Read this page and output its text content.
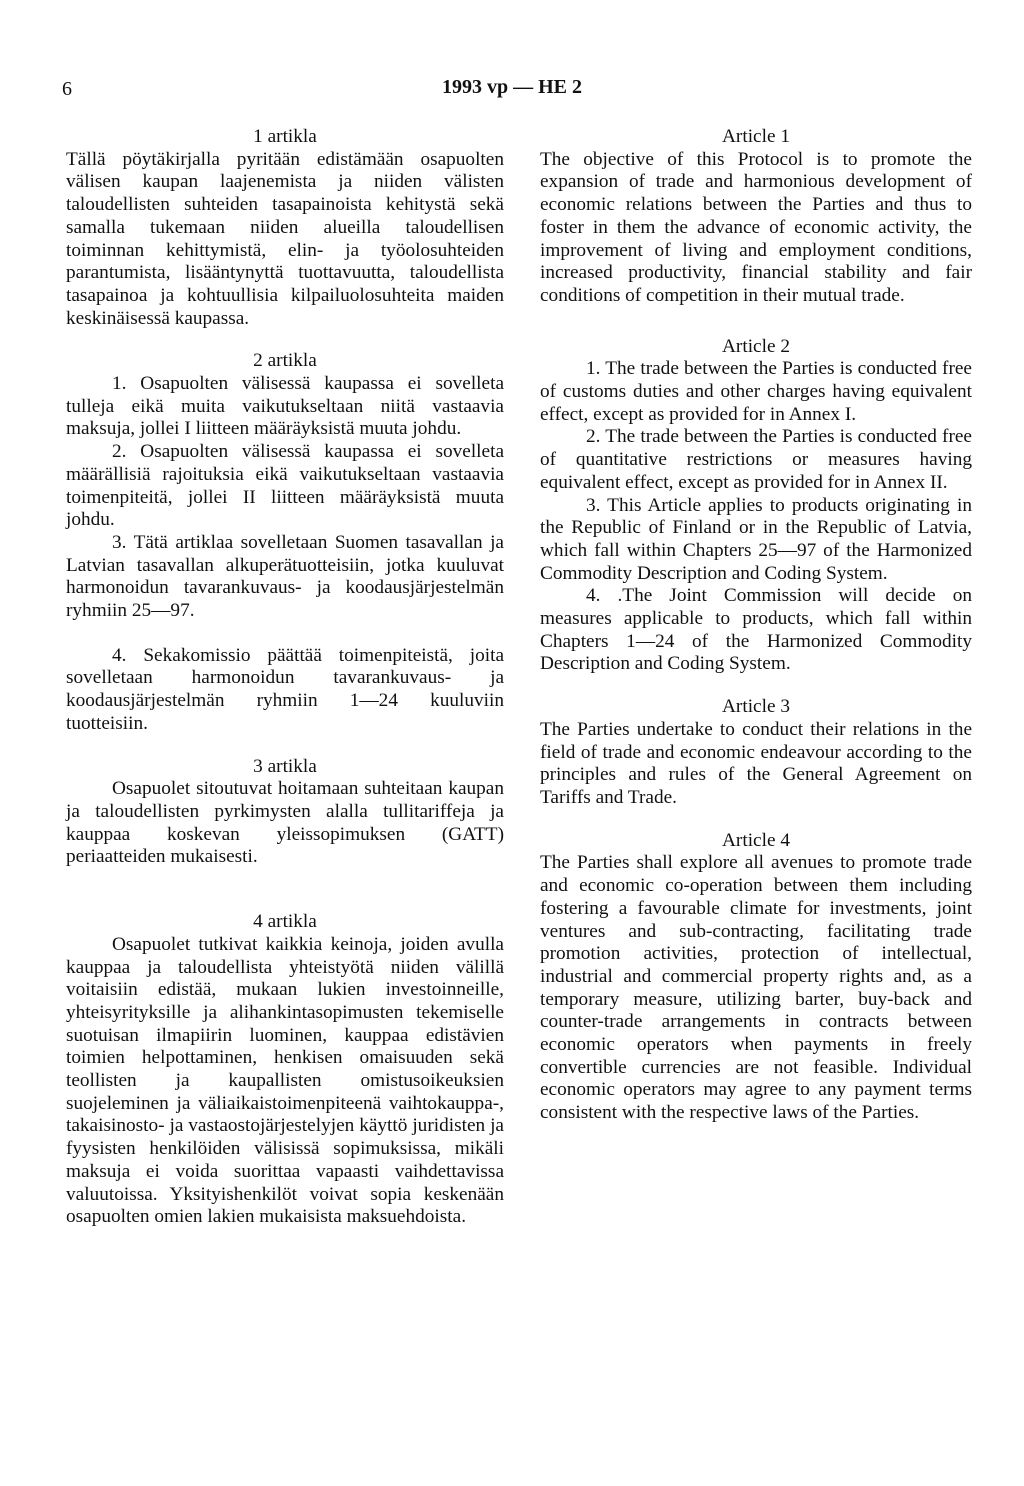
6	1993 vp — HE 2

1 artikla

Tällä pöytäkirjalla pyritään edistämään osapuolten välisen kaupan laajenemista ja niiden välisten taloudellisten suhteiden tasapainoista kehitystä sekä samalla tukemaan niiden alueilla taloudellisen toiminnan kehittymistä, elin- ja työolosuhteiden parantumista, lisääntynyttä tuottavuutta, taloudellista tasapainoa ja kohtuullisia kilpailuolosuhteita maiden keskinäisessä kaupassa.

2 artikla

1. Osapuolten välisessä kaupassa ei sovelleta tulleja eikä muita vaikutukseltaan niitä vastaavia maksuja, jollei I liitteen määräyksistä muuta johdu.

2. Osapuolten välisessä kaupassa ei sovelleta määrällisiä rajoituksia eikä vaikutukseltaan vastaavia toimenpiteitä, jollei II liitteen määräyksistä muuta johdu.

3. Tätä artiklaa sovelletaan Suomen tasavallan ja Latvian tasavallan alkuperätuotteisiin, jotka kuuluvat harmonoidun tavarankuvaus- ja koodausjärjestelmän ryhmiin 25—97.

4. Sekakomissio päättää toimenpiteistä, joita sovelletaan harmonoidun tavarankuvaus- ja koodausjärjestelmän ryhmiin 1—24 kuuluviin tuotteisiin.

3 artikla

Osapuolet sitoutuvat hoitamaan suhteitaan kaupan ja taloudellisten pyrkimysten alalla tullitariffeja ja kauppaa koskevan yleissopimuksen (GATT) periaatteiden mukaisesti.

4 artikla

Osapuolet tutkivat kaikkia keinoja, joiden avulla kauppaa ja taloudellista yhteistyötä niiden välillä voitaisiin edistää, mukaan lukien investoinneille, yhteisyrityksille ja alihankintasopimusten tekemiselle suotuisan ilmapiirin luominen, kauppaa edistävien toimien helpottaminen, henkisen omaisuuden sekä teollisten ja kaupallisten omistusoikeuksien suojeleminen ja väliaikaistoimenpiteenä vaihtokauppa-, takaisinosto- ja vastaostojärjestelyjen käyttö juridisten ja fyysisten henkilöiden välisissä sopimuksissa, mikäli maksuja ei voida suorittaa vapaasti vaihdettavissa valuutoissa. Yksityishenkilöt voivat sopia keskenään osapuolten omien lakien mukaisista maksuehdoista.

Article 1

The objective of this Protocol is to promote the expansion of trade and harmonious development of economic relations between the Parties and thus to foster in them the advance of economic activity, the improvement of living and employment conditions, increased productivity, financial stability and fair conditions of competition in their mutual trade.

Article 2

1. The trade between the Parties is conducted free of customs duties and other charges having equivalent effect, except as provided for in Annex I.

2. The trade between the Parties is conducted free of quantitative restrictions or measures having equivalent effect, except as provided for in Annex II.

3. This Article applies to products originating in the Republic of Finland or in the Republic of Latvia, which fall within Chapters 25—97 of the Harmonized Commodity Description and Coding System.

4. .The Joint Commission will decide on measures applicable to products, which fall within Chapters 1—24 of the Harmonized Commodity Description and Coding System.

Article 3

The Parties undertake to conduct their relations in the field of trade and economic endeavour according to the principles and rules of the General Agreement on Tariffs and Trade.

Article 4

The Parties shall explore all avenues to promote trade and economic co-operation between them including fostering a favourable climate for investments, joint ventures and sub-contracting, facilitating trade promotion activities, protection of intellectual, industrial and commercial property rights and, as a temporary measure, utilizing barter, buy-back and counter-trade arrangements in contracts between economic operators when payments in freely convertible currencies are not feasible. Individual economic operators may agree to any payment terms consistent with the respective laws of the Parties.
